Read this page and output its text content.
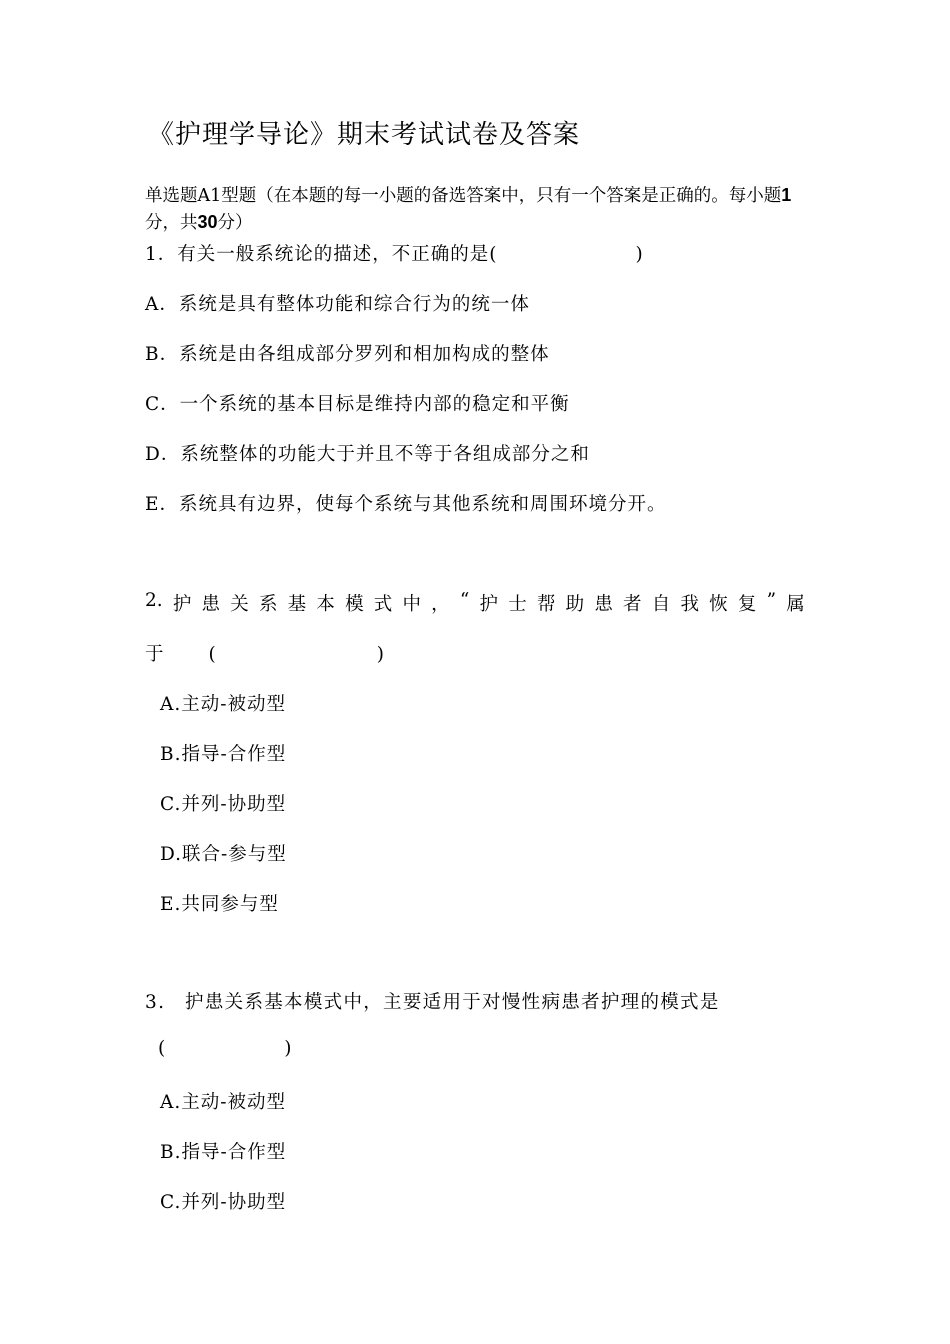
《护理学导论》期末考试试卷及答案
单选题A1型题（在本题的每一小题的备选答案中，只有一个答案是正确的。每小题1分，共30分）
1．有关一般系统论的描述，不正确的是(	)
A．系统是具有整体功能和综合行为的统一体
B．系统是由各组成部分罗列和相加构成的整体
C．一个系统的基本目标是维持内部的稳定和平衡
D．系统整体的功能大于并且不等于各组成部分之和
E．系统具有边界，使每个系统与其他系统和周围环境分开。
2. 护 患 关 系 基 本 模 式 中 ， “ 护 士 帮 助 患 者 自 我 恢 复 ” 属
于 (	)
A.主动-被动型
B.指导-合作型
C.并列-协助型
D.联合-参与型
E.共同参与型
3.　护患关系基本模式中，主要适用于对慢性病患者护理的模式是
(	)
A.主动-被动型
B.指导-合作型
C.并列-协助型
